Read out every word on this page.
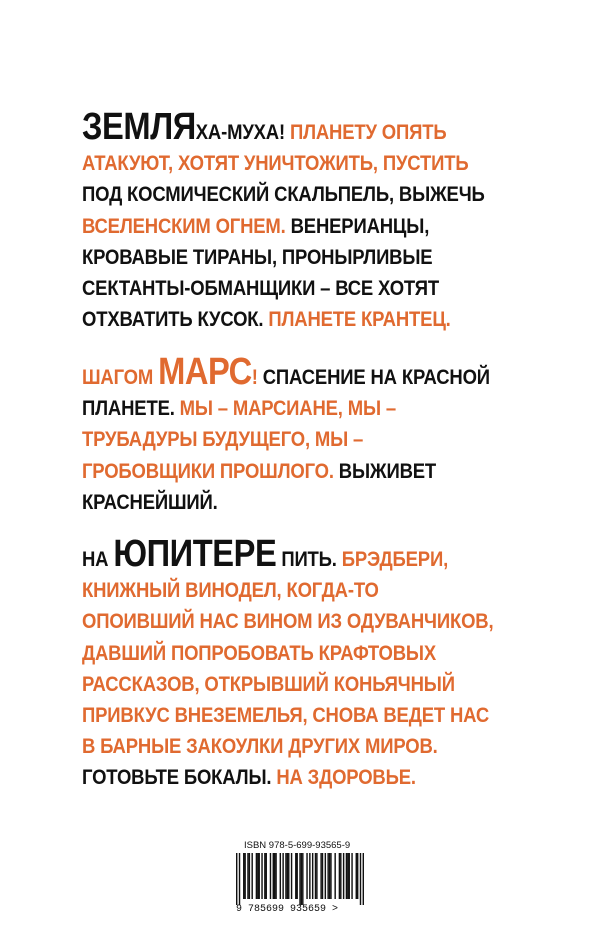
ЗЕМЛЯХА-МУХА! ПЛАНЕТУ ОПЯТЬ

АТАКУЮТ, ХОТЯТ УНИЧТОЖИТЬ, ПУСТИТЬ

ПОД КОСМИЧЕСКИЙ СКАЛЬПЕЛЬ, ВЫЖЕЧЬ

ВСЕЛЕНСКИМ ОГНЕМ. ВЕНЕРИАНЦЫ,

КРОВАВЫЕ ТИРАНЫ, ПРОНЫРЛИВЫЕ

СЕКТАНТЫ-ОБМАНЩИКИ – ВСЕ ХОТЯТ

ОТХВАТИТЬ КУСОК. ПЛАНЕТЕ КРАНТЕЦ.

ШАГОМ МАРС! СПАСЕНИЕ НА КРАСНОЙ

ПЛАНЕТЕ. МЫ – МАРСИАНЕ, МЫ –

ТРУБАДУРЫ БУДУЩЕГО, МЫ –

ГРОБОВЩИКИ ПРОШЛОГО. ВЫЖИВЕТ

КРАСНЕЙШИЙ.

НА ЮПИТЕРЕ ПИТЬ. БРЭДБЕРИ,

КНИЖНЫЙ ВИНОДЕЛ, КОГДА-ТО

ОПОИВШИЙ НАС ВИНОМ ИЗ ОДУВАНЧИКОВ,

ДАВШИЙ ПОПРОБОВАТЬ КРАФТОВЫХ

РАССКАЗОВ, ОТКРЫВШИЙ КОНЬЯЧНЫЙ

ПРИВКУС ВНЕЗЕМЕЛЬЯ, СНОВА ВЕДЕТ НАС

В БАРНЫЕ ЗАКОУЛКИ ДРУГИХ МИРОВ.

ГОТОВЬТЕ БОКАЛЫ. НА ЗДОРОВЬЕ.

ISBN 978-5-699-93565-9
9 785699 935659 >
